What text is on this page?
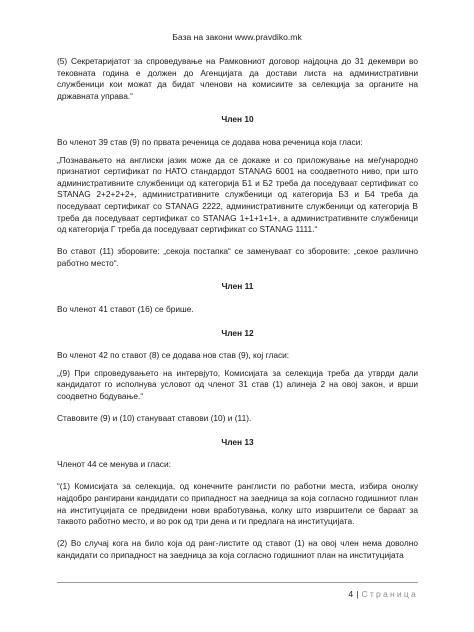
База на закони www.pravdiko.mk

(5) Секретаријатот за спроведување на Рамковниот договор најдоцна до 31 декември во тековната година е должен до Агенцијата да достави листа на административни службеници кои можат да бидат членови на комисиите за селекција за органите на државната управа.“

Член 10

Во членот 39 став (9) по првата реченица се додава нова реченица која гласи:

„Познавањето на англиски јазик може да се докаже и со приложување на меѓународно признатиот сертификат по НАТО стандардот STANAG 6001 на соодветното ниво, при што административните службеници од категорија Б1 и Б2 треба да поседуваат сертификат со STANAG 2+2+2+2+, административните службеници од категорија Б3 и Б4 треба да поседуваат сертификат со STANAG 2222, административните службеници од категорија В треба да поседуваат сертификат со STANAG 1+1+1+1+, а административните службеници од категорија Г треба да поседуваат сертификат со STANAG 1111.“

Во ставот (11) зборовите: „секоја постапка“ се заменуваат со зборовите: „секое различно работно место“.

Член 11

Во членот 41 ставот (16) се брише.

Член 12

Во членот 42 по ставот (8) се додава нов став (9), кој гласи:

„(9) При спроведувањето на интервјуто, Комисијата за селекција треба да утврди дали кандидатот го исполнува условот од членот 31 став (1) алинеја 2 на овој закон, и врши соодветно бодување.“

Ставовите (9) и (10) стануваат ставови (10) и (11).

Член 13

Членот 44 се менува и гласи:

“(1) Комисијата за селекција, од конечните ранглисти по работни места, избира онолку најдобро рангирани кандидати со припадност на заедница за која согласно годишниот план на институцијата се предвидени нови вработувања, колку што извршители се бараат за таквото работно место, и во рок од три дена и ги предлага на институцијата.

(2) Во случај кога на било која од ранг-листите од ставот (1) на овој член нема доволно кандидати со припадност на заедница за која согласно годишниот план на институцијата

4 | Страница
